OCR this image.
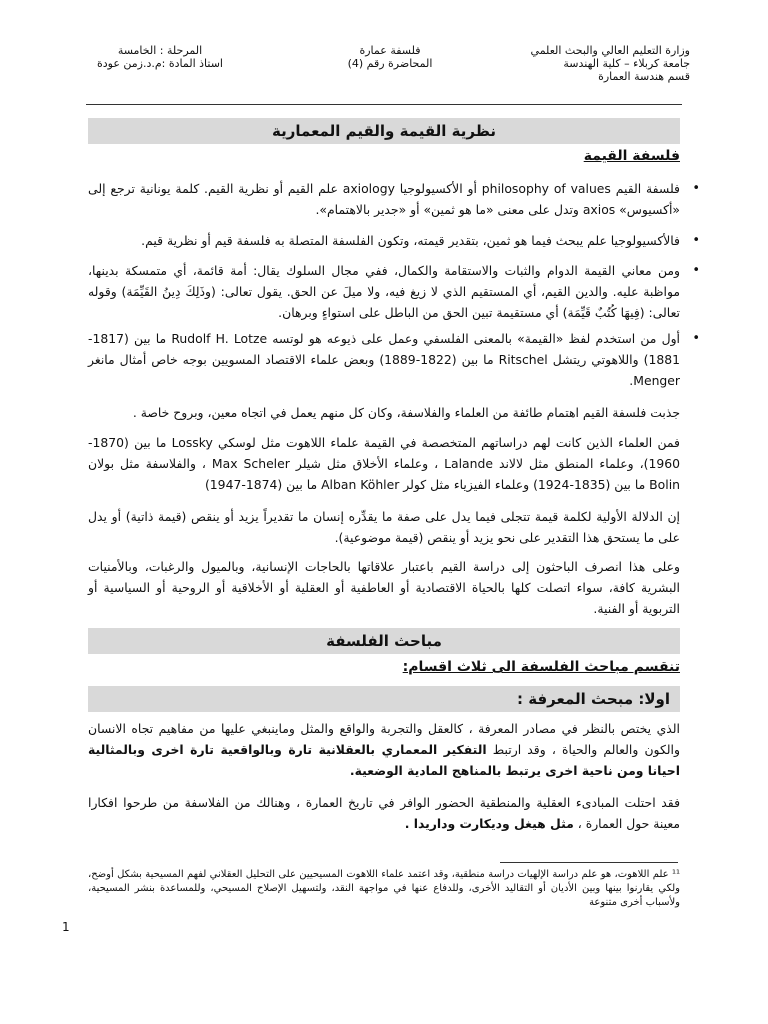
وزارة التعليم العالي والبحث العلمي
جامعة كربلاء – كلية الهندسة
قسم هندسة العمارة
فلسفة عمارة
المحاضرة رقم (4)
المرحلة : الخامسة
استاذ المادة :م.د.زمن عودة
نظرية القيمة والقيم المعمارية
فلسفة القيمة
•
فلسفة القيم philosophy of values أو الأكسيولوجيا axiology علم القيم أو نظرية القيم. كلمة يونانية ترجع إلى «أكسيوس» axios وتدل على معنى «ما هو ثمين» أو «جدير بالاهتمام».
•
فالأكسيولوجيا علم يبحث فيما هو ثمين، بتقدير قيمته، وتكون الفلسفة المتصلة به فلسفة قيم أو نظرية قيم.
•
ومن معاني القيمة الدوام والثبات والاستقامة والكمال، ففي مجال السلوك يقال: أمة قائمة، أي متمسكة بدينها، مواظبة عليه. والدين القيم، أي المستقيم الذي لا زيغ فيه، ولا ميلَ عن الحق. يقول تعالى: (وذَلِكَ دِينُ القَيِّمَة) وقوله تعالى: (فِيهَا كُتُبٌ قَيِّمَة) أي مستقيمة تبين الحق من الباطل على استواءٍ وبرهان.
•
أول من استخدم لفظ «القيمة» بالمعنى الفلسفي وعمل على ذيوعه هو لوتسه Rudolf H. Lotze ما بين (1817-1881) واللاهوتي ريتشل Ritschel ما بين (1822-1889) وبعض علماء الاقتصاد المسويين بوجه خاص أمثال مانغر Menger.
جذبت فلسفة القيم اهتمام طائفة من العلماء والفلاسفة، وكان كل منهم يعمل في اتجاه معين، وبروح خاصة .
فمن العلماء الذين كانت لهم دراساتهم المتخصصة في القيمة علماء اللاهوت مثل لوسكي Lossky ما بين (1870-1960)، وعلماء المنطق مثل لالاند Lalande ، وعلماء الأخلاق مثل شيلر Max Scheler ، والفلاسفة مثل بولان Bolin ما بين (1835-1924) وعلماء الفيزياء مثل كولر Alban Köhler ما بين (1874-1947)
إن الدلالة الأولية لكلمة قيمة تتجلى فيما يدل على صفة ما يقدِّره إنسان ما تقديراً يزيد أو ينقص (قيمة ذاتية) أو يدل على ما يستحق هذا التقدير على نحو يزيد أو ينقص (قيمة موضوعية).
وعلى هذا انصرف الباحثون إلى دراسة القيم باعتبار علاقاتها بالحاجات الإنسانية، وبالميول والرغبات، وبالأمنيات البشرية كافة، سواء اتصلت كلها بالحياة الاقتصادية أو العاطفية أو العقلية أو الأخلاقية أو الروحية أو السياسية أو التربوية أو الفنية.
مباحث الفلسفة
تنقسم مباحث الفلسفة الى ثلاث اقسام:
اولا: مبحث المعرفة :
الذي يختص بالنظر في مصادر المعرفة ، كالعقل والتجربة والواقع والمثل وماينبغي عليها من مفاهيم تجاه الانسان والكون والعالم والحياة ، وقد ارتبط التفكير المعماري بالعقلانية تارة وبالواقعية تارة اخرى وبالمثالية احيانا ومن ناحية اخرى يرتبط بالمناهج المادية الوضعية.
فقد احتلت المبادىء العقلية والمنطقية الحضور الوافر في تاريخ العمارة ، وهنالك من الفلاسفة من طرحوا افكارا معينة حول العمارة ، مثل هيغل وديكارت وداريدا .
¹¹ علم اللاهوت، هو علم دراسة الإلهيات دراسة منطقية، وقد اعتمد علماء اللاهوت المسيحيين على التحليل العقلاني لفهم المسيحية بشكل أوضح، ولكي يقارنوا بينها وبين الأديان أو التقاليد الأخرى، وللدفاع عنها في مواجهة النقد، ولتسهيل الإصلاح المسيحي، وللمساعدة بنشر المسيحية، ولأسباب أخرى متنوعة
1
